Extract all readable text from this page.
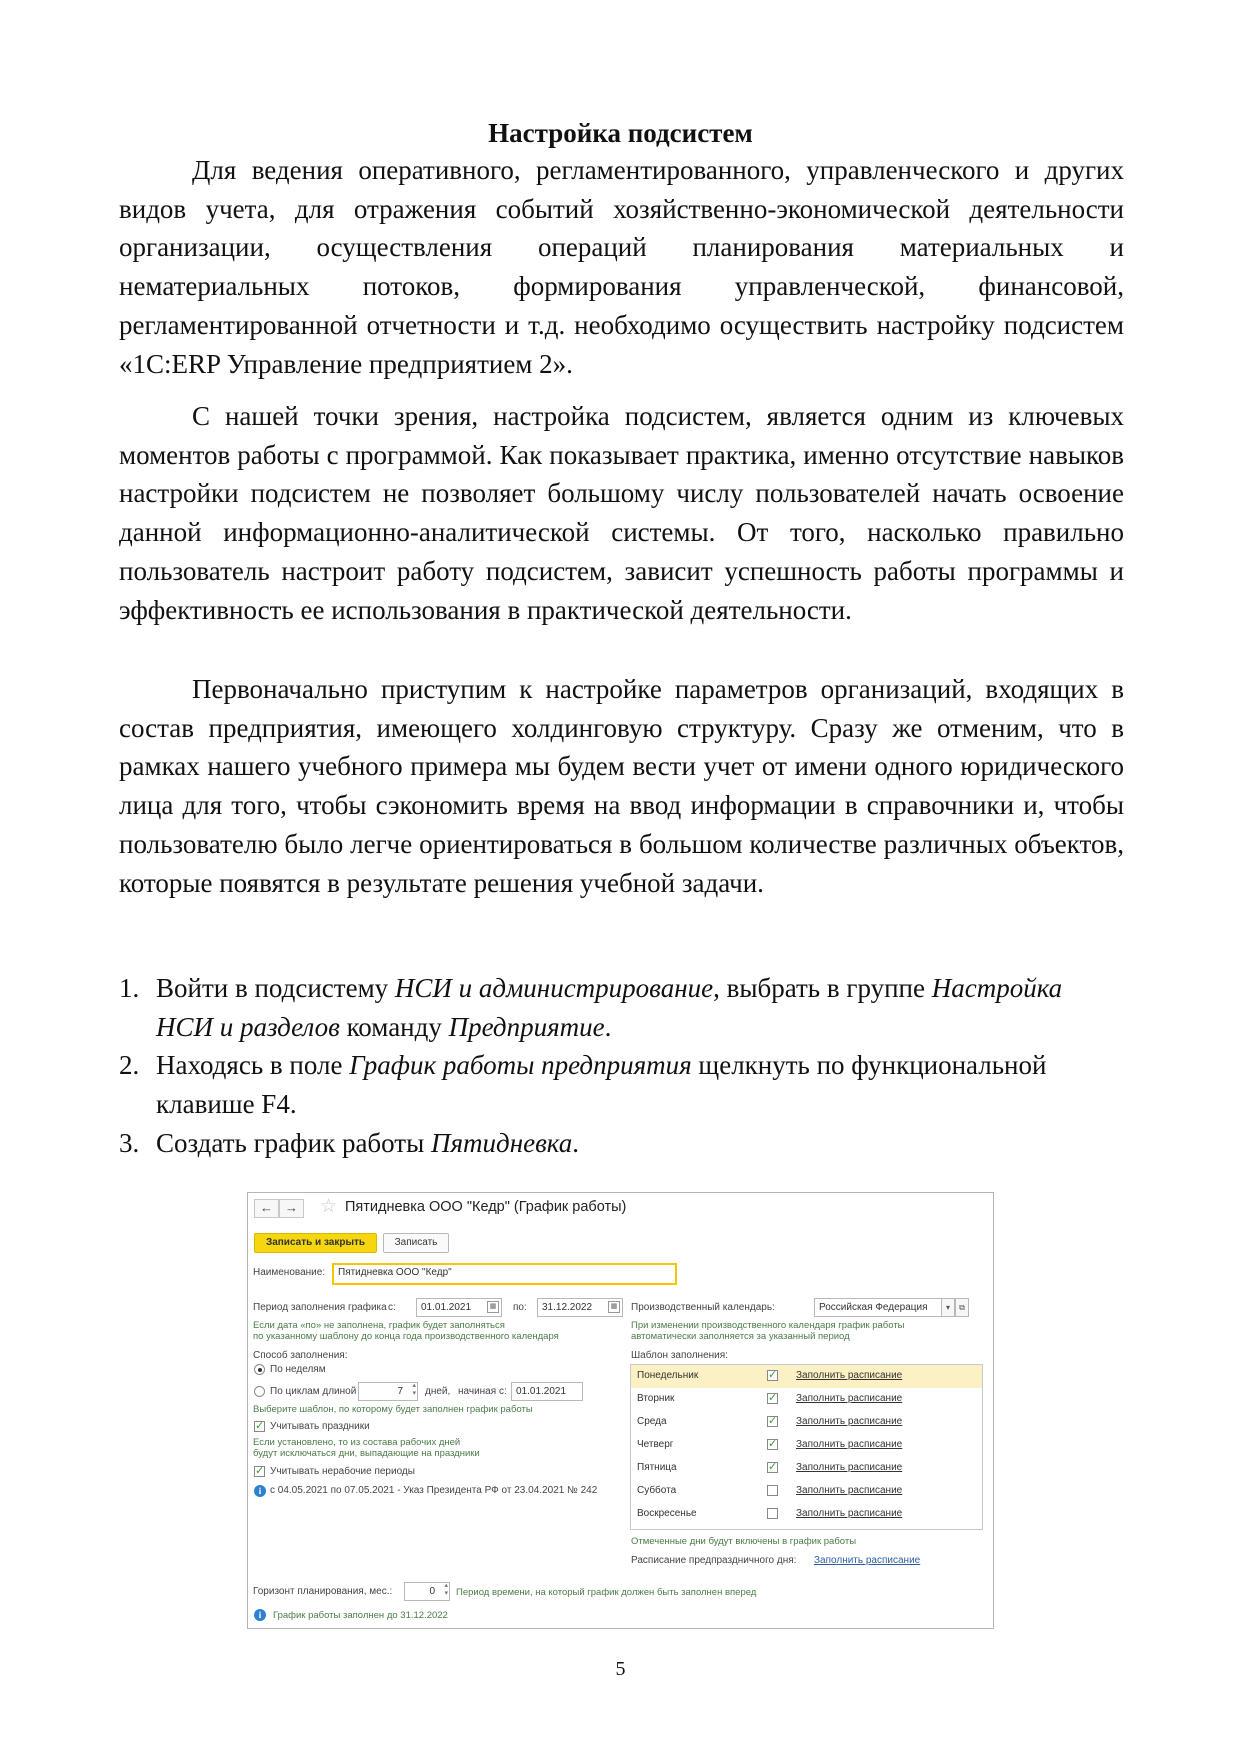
Настройка подсистем

Для ведения оперативного, регламентированного, управленческого и других видов учета, для отражения событий хозяйственно-экономической деятельности организации, осуществления операций планирования материальных и нематериальных потоков, формирования управленческой, финансовой, регламентированной отчетности и т.д. необходимо осуществить настройку подсистем «1С:ERP Управление предприятием 2».

С нашей точки зрения, настройка подсистем, является одним из ключевых моментов работы с программой. Как показывает практика, именно отсутствие навыков настройки подсистем не позволяет большому числу пользователей начать освоение данной информационно-аналитической системы. От того, насколько правильно пользователь настроит работу подсистем, зависит успешность работы программы и эффективность ее использования в практической деятельности.

Первоначально приступим к настройке параметров организаций, входящих в состав предприятия, имеющего холдинговую структуру. Сразу же отменим, что в рамках нашего учебного примера мы будем вести учет от имени одного юридического лица для того, чтобы сэкономить время на ввод информации в справочники и, чтобы пользователю было легче ориентироваться в большом количестве различных объектов, которые появятся в результате решения учебной задачи.

1. Войти в подсистему НСИ и администрирование, выбрать в группе Настройка НСИ и разделов команду Предприятие.
2. Находясь в поле График работы предприятия щелкнуть по функциональной клавише F4.
3. Создать график работы Пятидневка.
← →	☆ Пятидневка ООО "Кедр" (График работы)
Записать и закрыть	Записать
Наименование:	Пятидневка ООО "Кедр"
Период заполнения графика с:	01.01.2021	▦ по:	31.12.2022	▦
Если дата «по» не заполнена, график будет заполняться
по указанному шаблону до конца года производственного календаря
Способ заполнения:
По неделям
По циклам длиной	7 ▴ ▾	дней, начиная с: 01.01.2021
Выберите шаблон, по которому будет заполнен график работы
✓ Учитывать праздники
Если установлено, то из состава рабочих дней
будут исключаться дни, выпадающие на праздники
✓ Учитывать нерабочие периоды
i с 04.05.2021 по 07.05.2021 - Указ Президента РФ от 23.04.2021 № 242
Производственный календарь:	Российская Федерация	▾	⧉
При изменении производственного календаря график работы
автоматически заполняется за указанный период
Шаблон заполнения:
Понедельник	✓ Заполнить расписание
Вторник	✓ Заполнить расписание
Среда	✓ Заполнить расписание
Четверг	✓ Заполнить расписание
Пятница	✓ Заполнить расписание
Суббота	Заполнить расписание
Воскресенье	Заполнить расписание
Отмеченные дни будут включены в график работы
Расписание предпраздничного дня: Заполнить расписание
Горизонт планирования, мес.:	0 ▴ ▾	Период времени, на который график должен быть заполнен вперед
i	График работы заполнен до 31.12.2022
5
